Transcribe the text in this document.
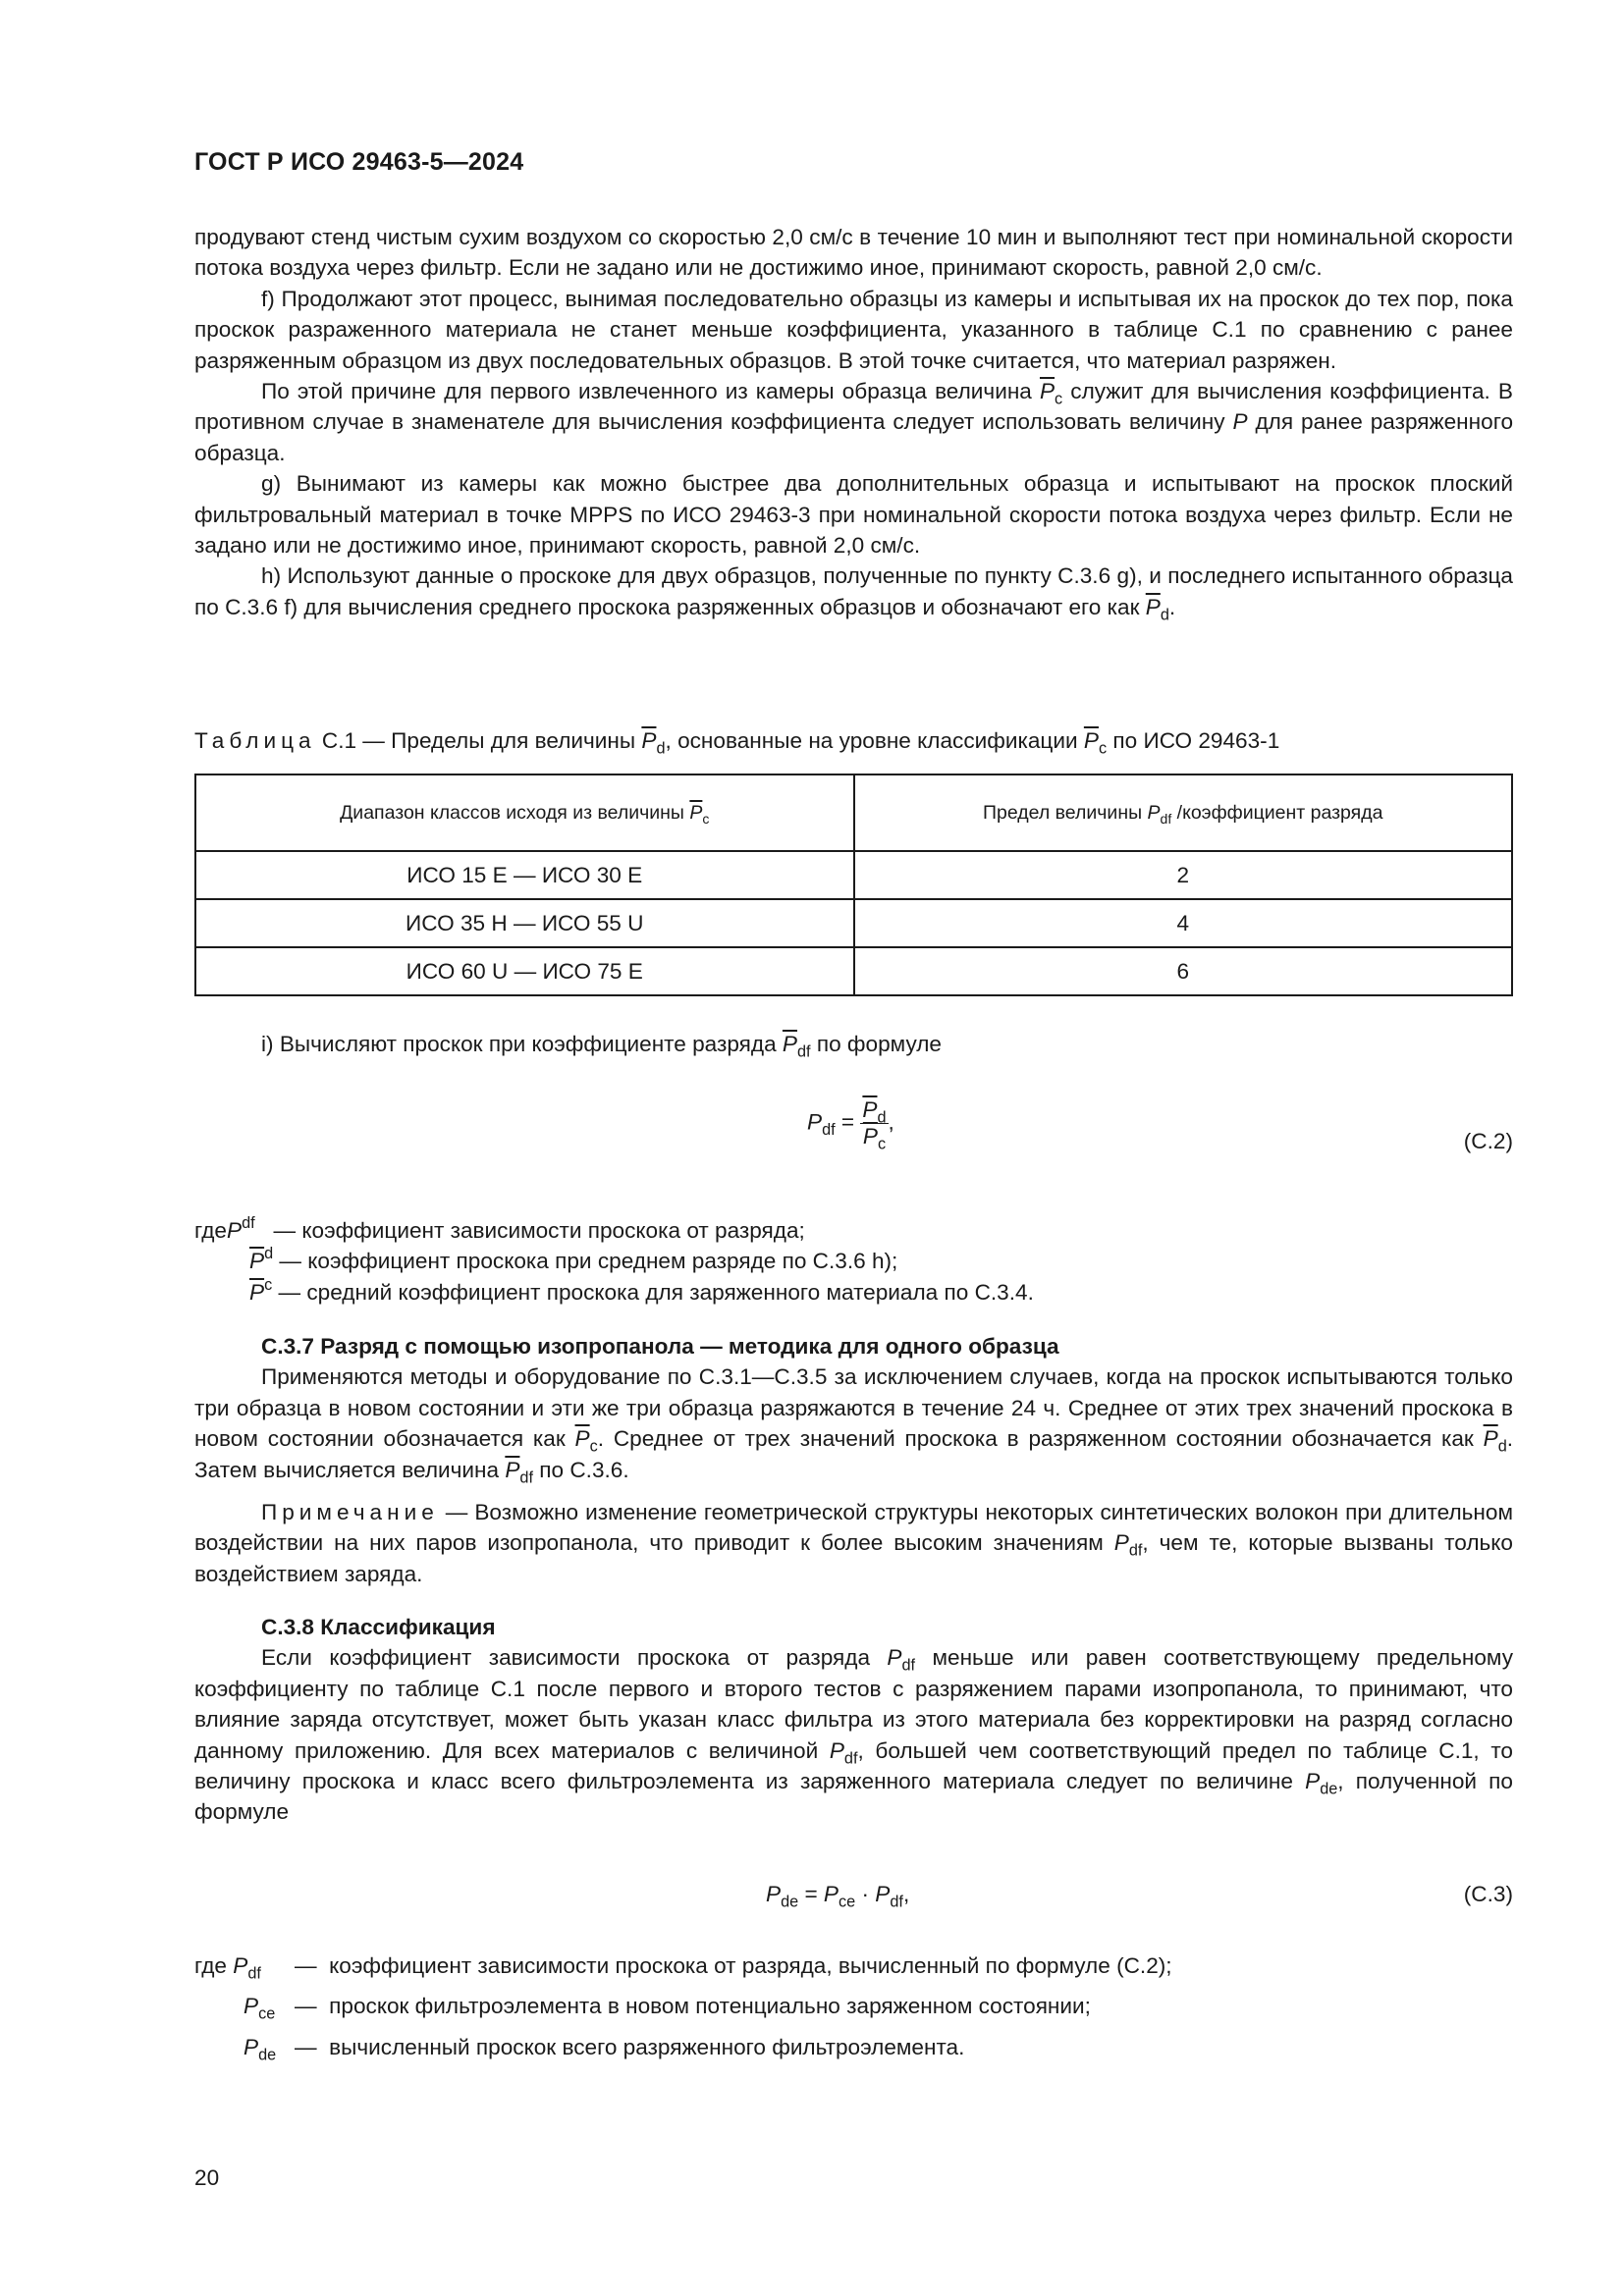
ГОСТ Р ИСО 29463-5—2024

продувают стенд чистым сухим воздухом со скоростью 2,0 см/с в течение 10 мин и выполняют тест при номинальной скорости потока воздуха через фильтр. Если не задано или не достижимо иное, принимают скорость, равной 2,0 см/с.

f) Продолжают этот процесс, вынимая последовательно образцы из камеры и испытывая их на проскок до тех пор, пока проскок разраженного материала не станет меньше коэффициента, указанного в таблице С.1 по сравнению с ранее разряженным образцом из двух последовательных образцов. В этой точке считается, что материал разряжен.

По этой причине для первого извлеченного из камеры образца величина $\overline{P}_c$ служит для вычисления коэффициента. В противном случае в знаменателе для вычисления коэффициента следует использовать величину P для ранее разряженного образца.

g) Вынимают из камеры как можно быстрее два дополнительных образца и испытывают на проскок плоский фильтровальный материал в точке MPPS по ИСО 29463-3 при номинальной скорости потока воздуха через фильтр. Если не задано или не достижимо иное, принимают скорость, равной 2,0 см/с.

h) Используют данные о проскоке для двух образцов, полученные по пункту С.3.6 g), и последнего испытанного образца по С.3.6 f) для вычисления среднего проскока разряженных образцов и обозначают его как $\overline{P}_d$.

Таблица С.1 — Пределы для величины $\overline{P}_d$, основанные на уровне классификации $\overline{P}_c$ по ИСО 29463-1
Диапазон классов исходя из величины $\overline{P}_c$	Предел величины $P_{df}$ /коэффициент разряда
ИСО 15 E — ИСО 30 E	2
ИСО 35 H — ИСО 55 U	4
ИСО 60 U — ИСО 75 E	6
i) Вычисляют проскок при коэффициенте разряда $\overline{P}_{df}$ по формуле
$P_{df} = \frac{\overline{P}_d}{\overline{P}_c}$ ,
(С.2)
где P df
—
коэффициент зависимости проскока от разряда;
$\overline{P}$ d
—
коэффициент проскока при среднем разряде по С.3.6 h);
$\overline{P}$ c
—
средний коэффициент проскока для заряженного материала по С.3.4.

С.3.7 Разряд с помощью изопропанола — методика для одного образца

Применяются методы и оборудование по С.3.1—С.3.5 за исключением случаев, когда на проскок испытываются только три образца в новом состоянии и эти же три образца разряжаются в течение 24 ч. Среднее от этих трех значений проскока в новом состоянии обозначается как $\overline{P}_c$. Среднее от трех значений проскока в разряженном состоянии обозначается как $\overline{P}_d$. Затем вычисляется величина $\overline{P}_{df}$ по С.3.6.

Примечание — Возможно изменение геометрической структуры некоторых синтетических волокон при длительном воздействии на них паров изопропанола, что приводит к более высоким значениям $P_{df}$, чем те, которые вызваны только воздействием заряда.

С.3.8 Классификация

Если коэффициент зависимости проскока от разряда $P_{df}$ меньше или равен соответствующему предельному коэффициенту по таблице С.1 после первого и второго тестов с разряжением парами изопропанола, то принимают, что влияние заряда отсутствует, может быть указан класс фильтра из этого материала без корректировки на разряд согласно данному приложению. Для всех материалов с величиной $P_{df}$, большей чем соответствующий предел по таблице С.1, то величину проскока и класс всего фильтроэлемента из заряженного материала следует по величине $P_{de}$, полученной по формуле

$P_{de} = P_{ce} \cdot P_{df}$,	(С.3)
где $P_{df}$	—
коэффициент зависимости проскока от разряда, вычисленный по формуле (С.2);
$P_{ce}$ —
проскок фильтроэлемента в новом потенциально заряженном состоянии;
$P_{de}$ —
вычисленный проскок всего разряженного фильтроэлемента.
20
